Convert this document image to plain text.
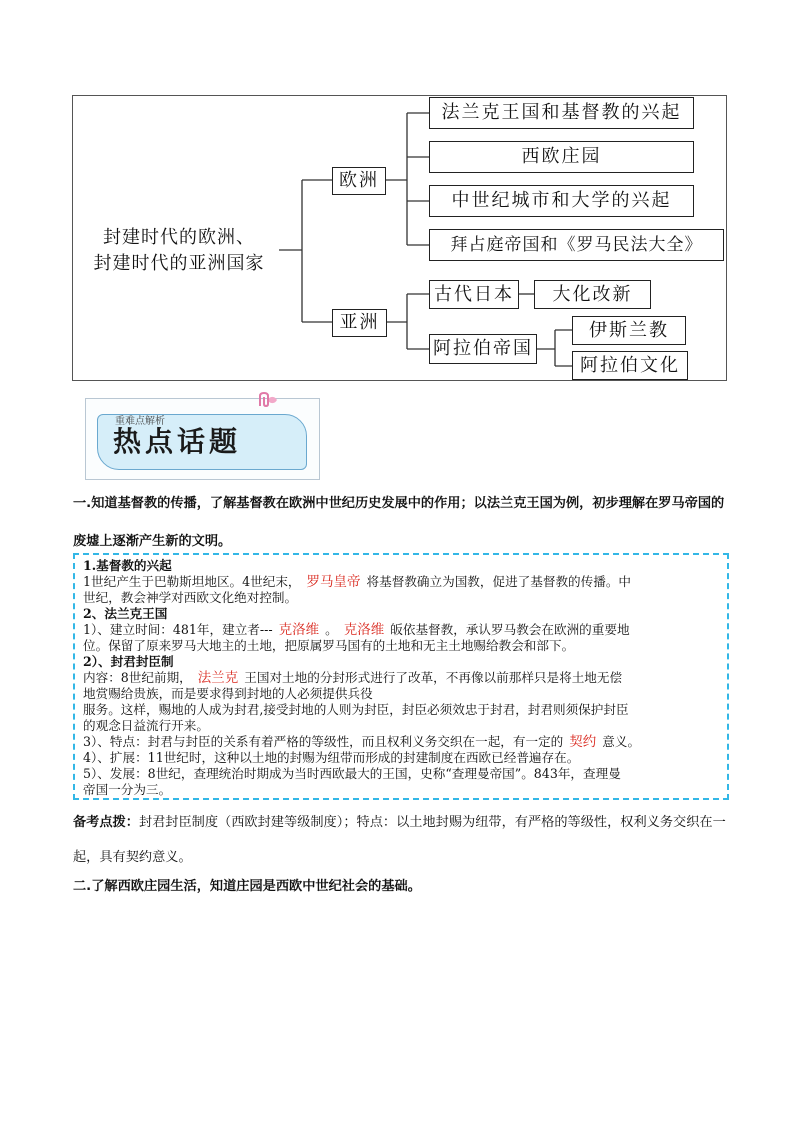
封建时代的欧洲、
封建时代的亚洲国家
欧洲
亚洲
法兰克王国和基督教的兴起
西欧庄园
中世纪城市和大学的兴起
拜占庭帝国和《罗马民法大全》
古代日本	大化改新
阿拉伯帝国
伊斯兰教
阿拉伯文化
重难点解析
热点话题
一.知道基督教的传播，了解基督教在欧洲中世纪历史发展中的作用；以法兰克王国为例，初步理解在罗马帝国的废墟上逐渐产生新的文明。

1.基督教的兴起

1世纪产生于巴勒斯坦地区。4世纪末， 罗马皇帝 将基督教确立为国教，促进了基督教的传播。中

世纪，教会神学对西欧文化绝对控制。

2、法兰克王国

1）、建立时间：481年，建立者--- 克洛维 。 克洛维 皈依基督教，承认罗马教会在欧洲的重要地

位。保留了原来罗马大地主的土地，把原属罗马国有的土地和无主土地赐给教会和部下。

2）、封君封臣制

内容：8世纪前期， 法兰克 王国对土地的分封形式进行了改革，不再像以前那样只是将土地无偿

地赏赐给贵族，而是要求得到封地的人必须提供兵役

服务。这样，赐地的人成为封君,接受封地的人则为封臣，封臣必须效忠于封君，封君则须保护封臣

的观念日益流行开来。

3）、特点：封君与封臣的关系有着严格的等级性，而且权利义务交织在一起，有一定的 契约 意义。

4）、扩展：11世纪时，这种以土地的封赐为纽带而形成的封建制度在西欧已经普遍存在。

5）、发展：8世纪，查理统治时期成为当时西欧最大的王国，史称“查理曼帝国”。843年，查理曼

帝国一分为三。

备考点拨：封君封臣制度（西欧封建等级制度）；特点：以土地封赐为纽带，有严格的等级性，权利义务交织在一起，具有契约意义。
二.了解西欧庄园生活，知道庄园是西欧中世纪社会的基础。
